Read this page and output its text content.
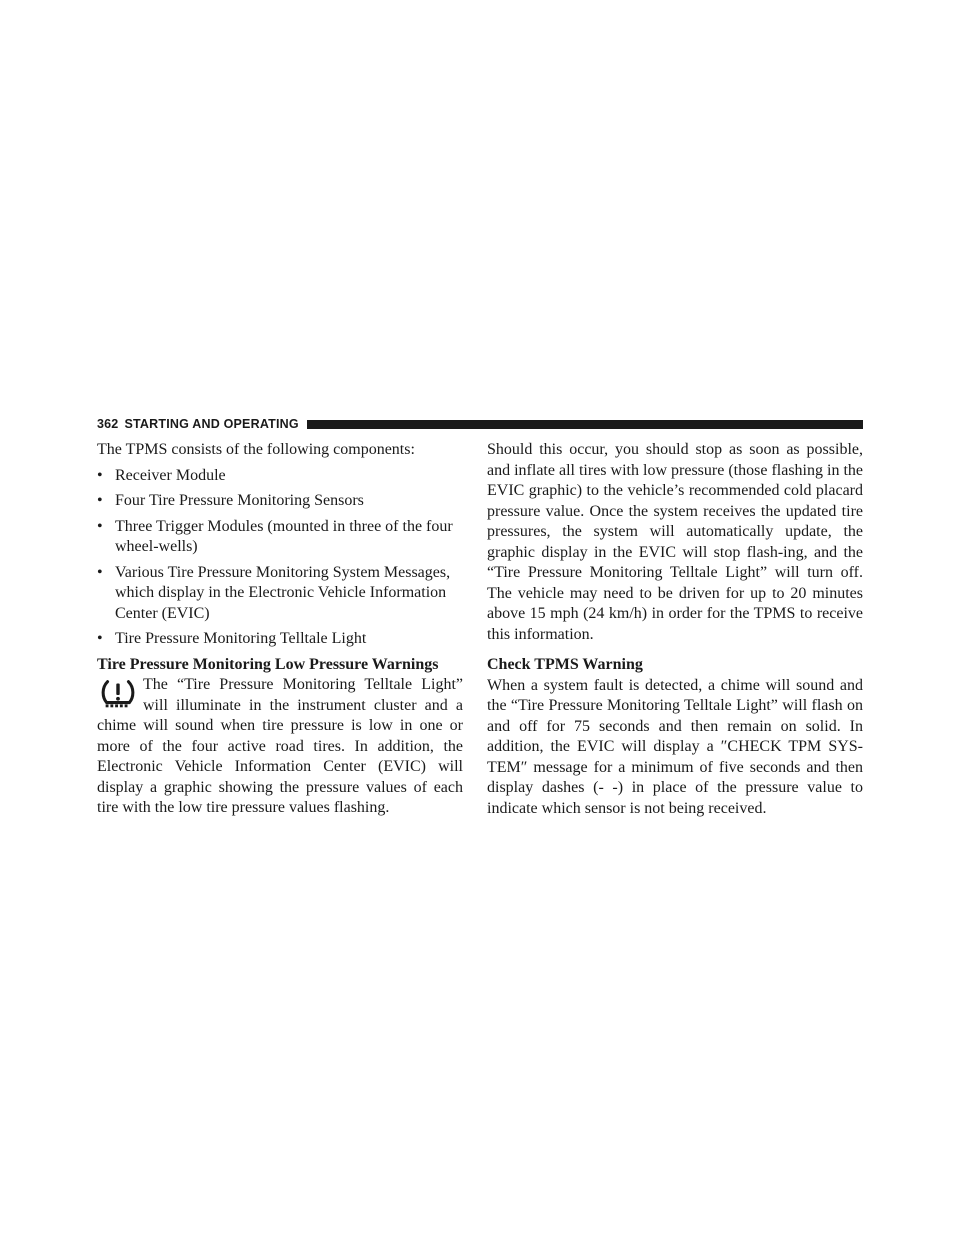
362 STARTING AND OPERATING

The TPMS consists of the following components:

• Receiver Module
• Four Tire Pressure Monitoring Sensors
• Three Trigger Modules (mounted in three of the four wheel-wells)
• Various Tire Pressure Monitoring System Messages, which display in the Electronic Vehicle Information Center (EVIC)
• Tire Pressure Monitoring Telltale Light

Tire Pressure Monitoring Low Pressure Warnings

The “Tire Pressure Monitoring Telltale Light” will illuminate in the instrument cluster and a chime will sound when tire pressure is low in one or more of the four active road tires. In addition, the Electronic Vehicle Information Center (EVIC) will display a graphic showing the pressure values of each tire with the low tire pressure values flashing.

Should this occur, you should stop as soon as possible, and inflate all tires with low pressure (those flashing in the EVIC graphic) to the vehicle’s recommended cold placard pressure value. Once the system receives the updated tire pressures, the system will automatically update, the graphic display in the EVIC will stop flash-ing, and the “Tire Pressure Monitoring Telltale Light” will turn off. The vehicle may need to be driven for up to 20 minutes above 15 mph (24 km/h) in order for the TPMS to receive this information.

Check TPMS Warning

When a system fault is detected, a chime will sound and the “Tire Pressure Monitoring Telltale Light” will flash on and off for 75 seconds and then remain on solid. In addition, the EVIC will display a ″CHECK TPM SYS-TEM″ message for a minimum of five seconds and then display dashes (- -) in place of the pressure value to indicate which sensor is not being received.
